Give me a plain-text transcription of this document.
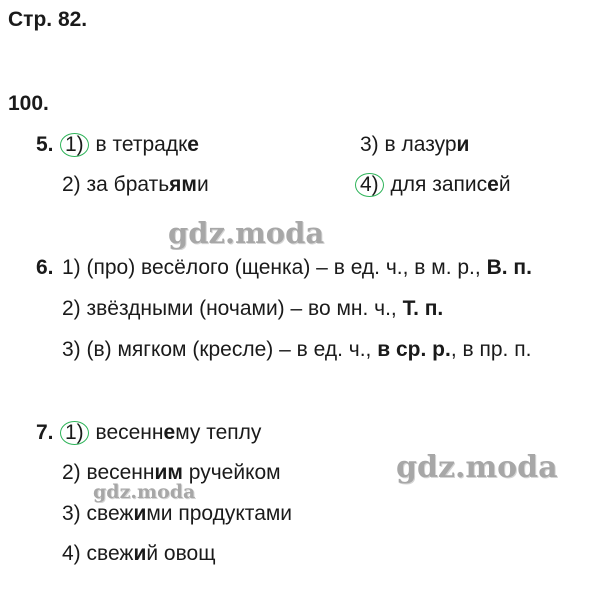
Стр. 82.
100.
5. 1) в тетрадке	3) в лазури
2) за братьями	4) для записей
gdz.moda
6. 1) (про) весёлого (щенка) – в ед. ч., в м. р., В. п.
2) звёздными (ночами) – во мн. ч., Т. п.
3) (в) мягком (кресле) – в ед. ч., в ср. р., в пр. п.
7. 1) весеннему теплу
2) весенним ручейком
3) свежими продуктами
4) свежий овощ
gdz.moda
gdz.moda
